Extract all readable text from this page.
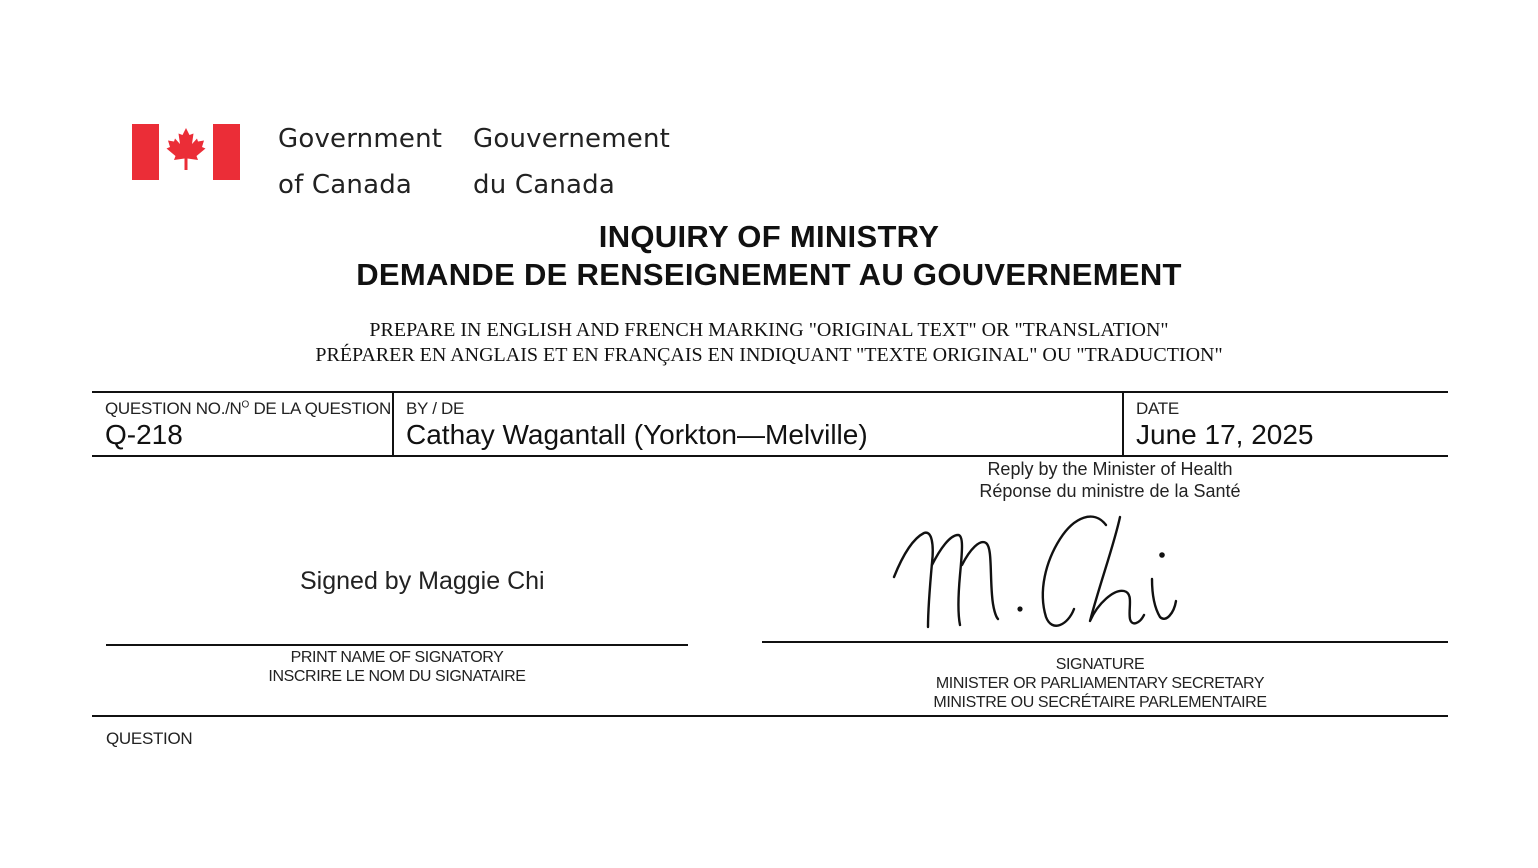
Government
of Canada
Gouvernement
du Canada
INQUIRY OF MINISTRY
DEMANDE DE RENSEIGNEMENT AU GOUVERNEMENT
PREPARE IN ENGLISH AND FRENCH MARKING "ORIGINAL TEXT" OR "TRANSLATION"
PRÉPARER EN ANGLAIS ET EN FRANÇAIS EN INDIQUANT "TEXTE ORIGINAL" OU "TRADUCTION"
QUESTION $NO./N^O$ DE LA QUESTION
Q-218
BY / DE
Cathay Wagantall (Yorkton—Melville)
DATE
June 17, 2025
Reply by the Minister of Health
Réponse du ministre de la Santé
Signed by Maggie Chi
PRINT NAME OF SIGNATORY
INSCRIRE LE NOM DU SIGNATAIRE
SIGNATURE
MINISTER OR PARLIAMENTARY SECRETARY
MINISTRE OU SECRÉTAIRE PARLEMENTAIRE
QUESTION
